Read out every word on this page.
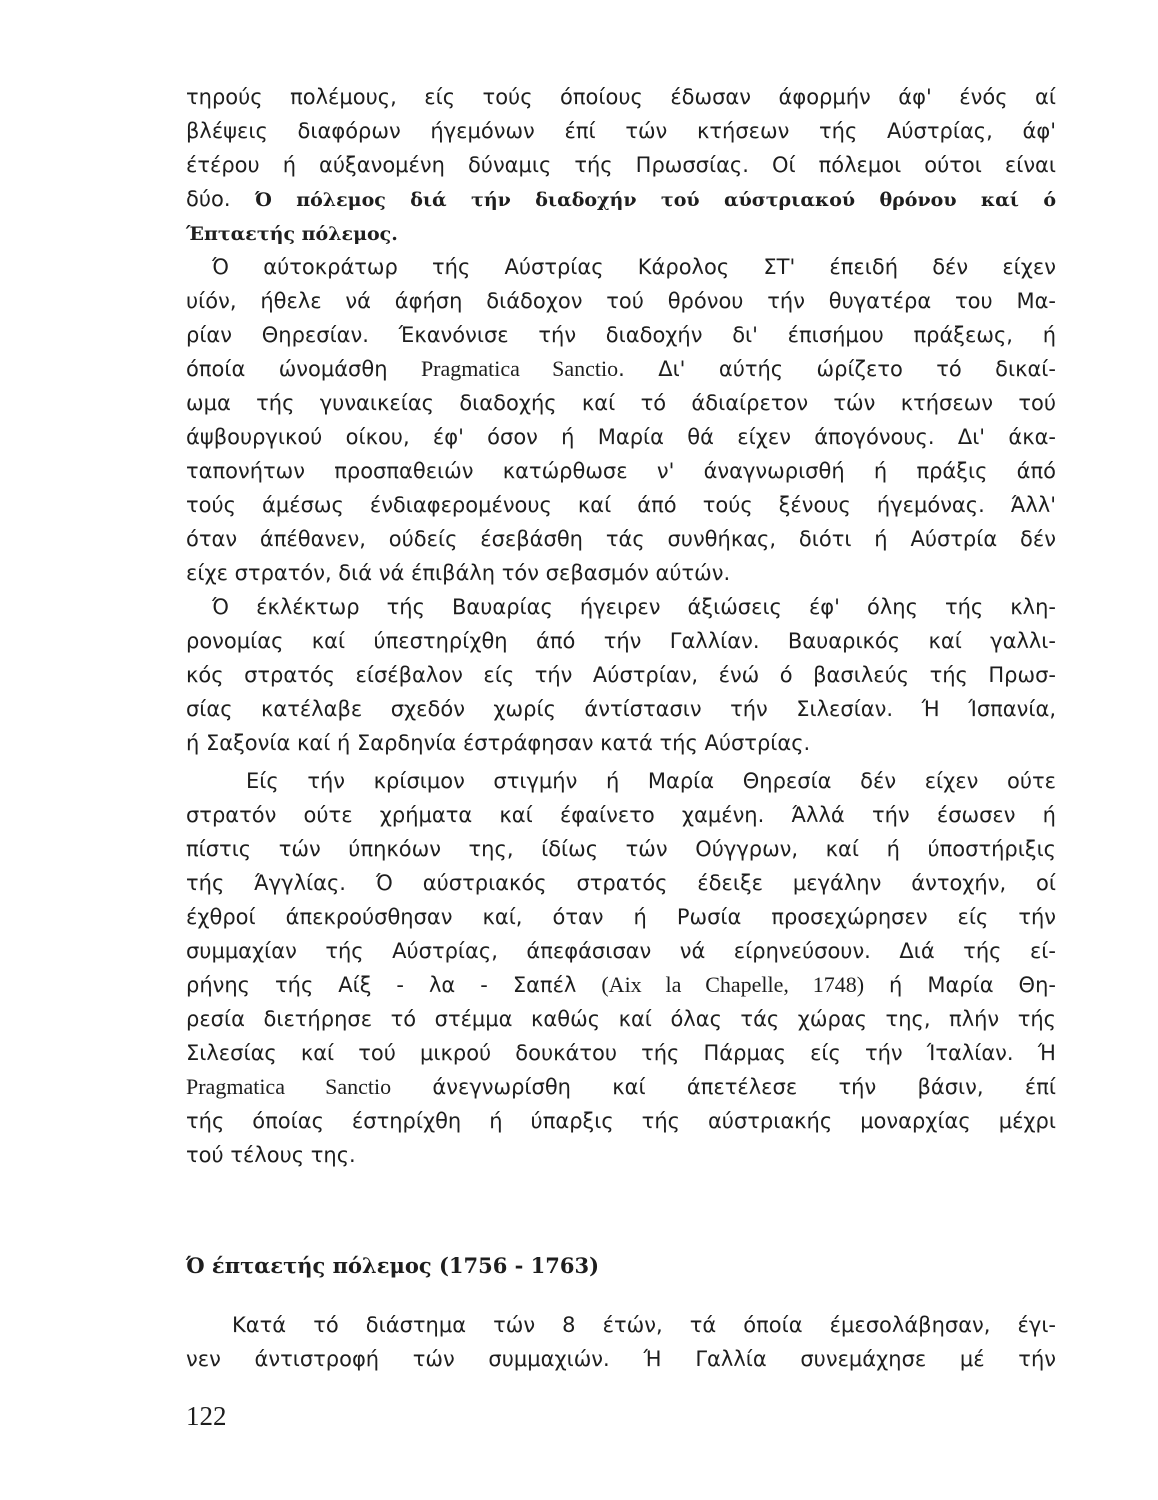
τηρούς πολέμους, είς τούς όποίους έδωσαν άφορμήν άφ' ένός αί
βλέψεις διαφόρων ήγεμόνων έπί τών κτήσεων τής Αύστρίας, άφ'
έτέρου ή αύξανομένη δύναμις τής Πρωσσίας. Οί πόλεμοι ούτοι είναι
δύο. Ό πόλεμος διά τήν διαδοχήν τού αύστριακού θρόνου καί ό
Έπταετής πόλεμος.
Ό αύτοκράτωρ τής Αύστρίας Κάρολος ΣΤ' έπειδή δέν είχεν
υίόν, ήθελε νά άφήση διάδοχον τού θρόνου τήν θυγατέρα του Μα-
ρίαν Θηρεσίαν. Έκανόνισε τήν διαδοχήν δι' έπισήμου πράξεως, ή
όποία ώνομάσθη Pragmatica Sanctio. Δι' αύτής ώρίζετο τό δικαί-
ωμα τής γυναικείας διαδοχής καί τό άδιαίρετον τών κτήσεων τού
άψβουργικού οίκου, έφ' όσον ή Μαρία θά είχεν άπογόνους. Δι' άκα-
ταπονήτων προσπαθειών κατώρθωσε ν' άναγνωρισθή ή πράξις άπό
τούς άμέσως ένδιαφερομένους καί άπό τούς ξένους ήγεμόνας. Άλλ'
όταν άπέθανεν, ούδείς έσεβάσθη τάς συνθήκας, διότι ή Αύστρία δέν
είχε στρατόν, διά νά έπιβάλη τόν σεβασμόν αύτών.
Ό έκλέκτωρ τής Βαυαρίας ήγειρεν άξιώσεις έφ' όλης τής κλη-
ρονομίας καί ύπεστηρίχθη άπό τήν Γαλλίαν. Βαυαρικός καί γαλλι-
κός στρατός είσέβαλον είς τήν Αύστρίαν, ένώ ό βασιλεύς τής Πρωσ-
σίας κατέλαβε σχεδόν χωρίς άντίστασιν τήν Σιλεσίαν. Ή Ίσπανία,
ή Σαξονία καί ή Σαρδηνία έστράφησαν κατά τής Αύστρίας.
Είς τήν κρίσιμον στιγμήν ή Μαρία Θηρεσία δέν είχεν ούτε
στρατόν ούτε χρήματα καί έφαίνετο χαμένη. Άλλά τήν έσωσεν ή
πίστις τών ύπηκόων της, ίδίως τών Ούγγρων, καί ή ύποστήριξις
τής Άγγλίας. Ό αύστριακός στρατός έδειξε μεγάλην άντοχήν, οί
έχθροί άπεκρούσθησαν καί, όταν ή Ρωσία προσεχώρησεν είς τήν
συμμαχίαν τής Αύστρίας, άπεφάσισαν νά είρηνεύσουν. Διά τής εί-
ρήνης τής Αίξ - λα - Σαπέλ (Aix la Chapelle, 1748) ή Μαρία Θη-
ρεσία διετήρησε τό στέμμα καθώς καί όλας τάς χώρας της, πλήν τής
Σιλεσίας καί τού μικρού δουκάτου τής Πάρμας είς τήν Ίταλίαν. Ή
Pragmatica Sanctio άνεγνωρίσθη καί άπετέλεσε τήν βάσιν, έπί
τής όποίας έστηρίχθη ή ύπαρξις τής αύστριακής μοναρχίας μέχρι
τού τέλους της.
Ό έπταετής πόλεμος (1756 - 1763)
Κατά τό διάστημα τών 8 έτών, τά όποία έμεσολάβησαν, έγι-
νεν άντιστροφή τών συμμαχιών. Ή Γαλλία συνεμάχησε μέ τήν
122
